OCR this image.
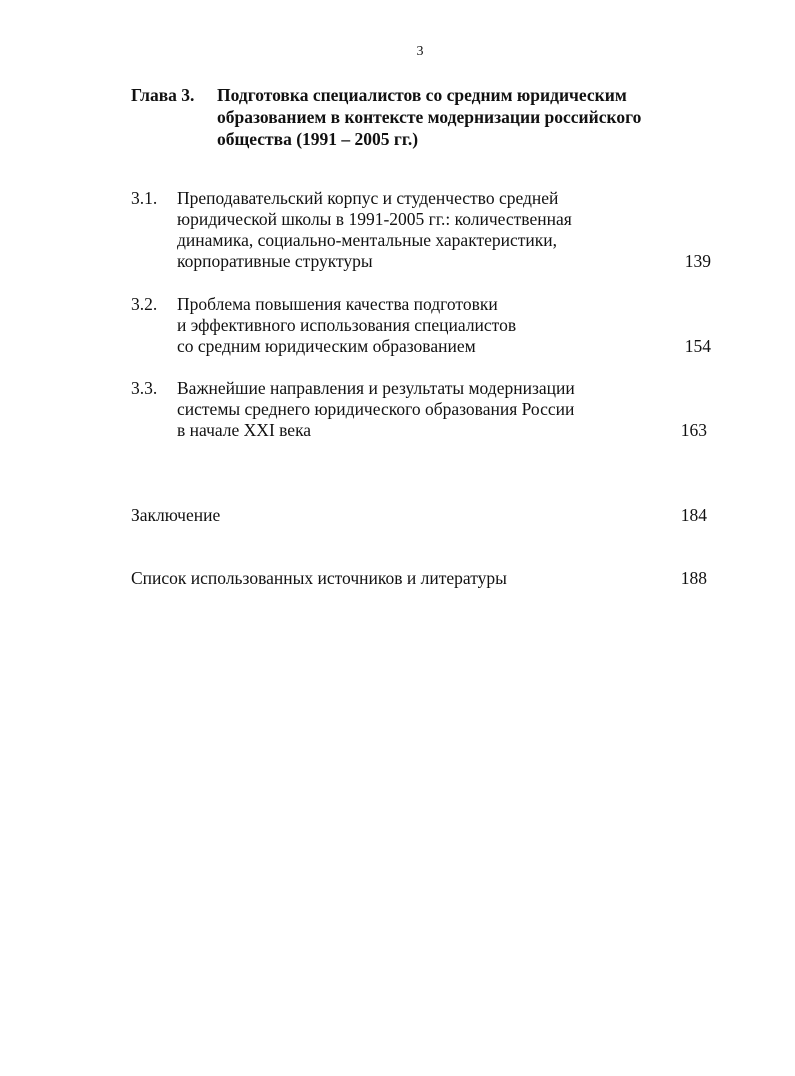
3
Глава 3. Подготовка специалистов со средним юридическим
образованием в контексте модернизации российского
общества (1991 – 2005 гг.)
3.1. Преподавательский корпус и студенчество средней
юридической школы в 1991-2005 гг.: количественная
динамика, социально-ментальные характеристики,
корпоративные структуры	139
3.2. Проблема повышения качества подготовки
и эффективного использования специалистов
со средним юридическим образованием	154
3.3. Важнейшие направления и результаты модернизации
системы среднего юридического образования России
в начале XXI века	163
Заключение	184
Список использованных источников и литературы	188
